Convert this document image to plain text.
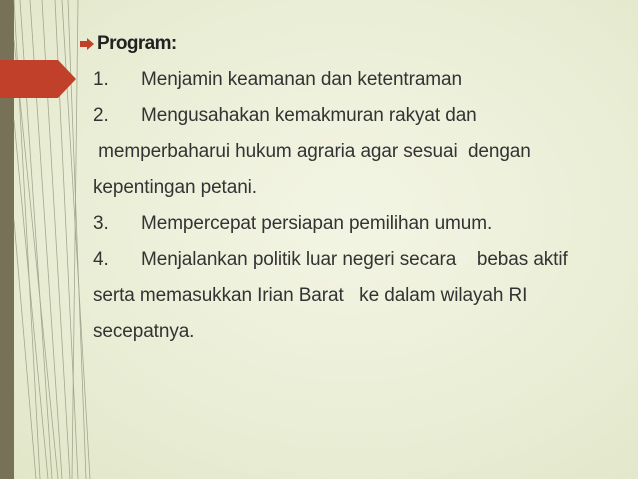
Program:
1. Menjamin keamanan dan ketentraman
2. Mengusahakan kemakmuran rakyat dan
memperbaharui hukum agraria agar sesuai  dengan
kepentingan petani.
3. Mempercepat persiapan pemilihan umum.
4. Menjalankan politik luar negeri secara    bebas aktif
serta memasukkan Irian Barat   ke dalam wilayah RI
secepatnya.
